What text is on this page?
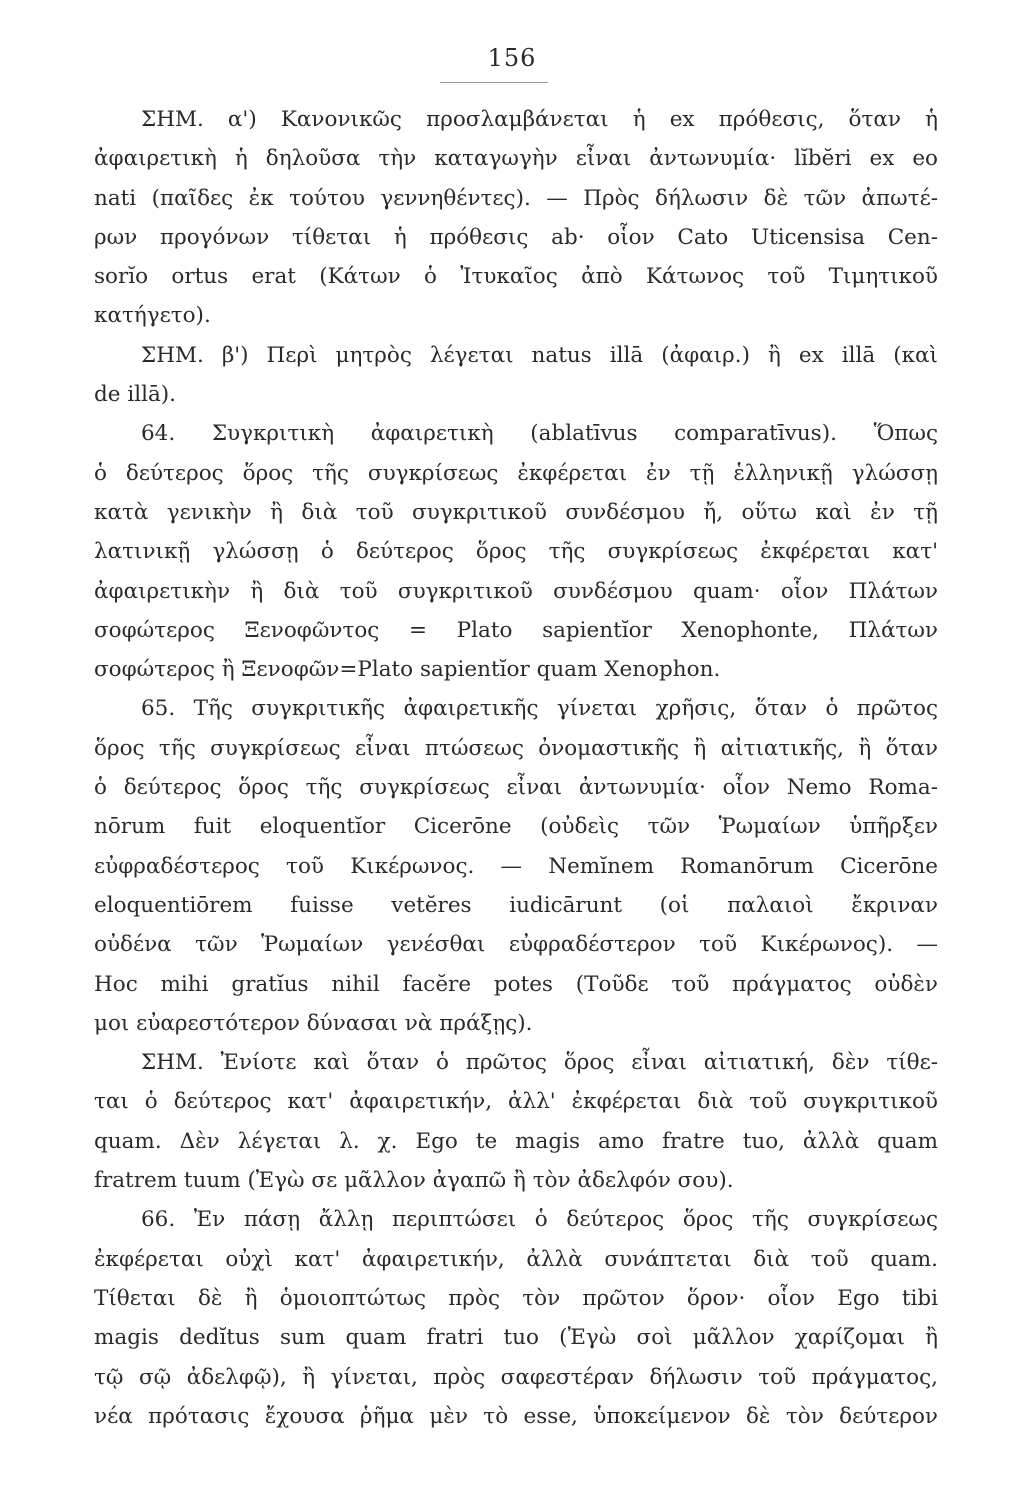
156

ΣΗΜ. α') Κανονικῶς προσλαμβάνεται ἡ ex πρόθεσις, ὅταν ἡ
ἀφαιρετικὴ ἡ δηλοῦσα τὴν καταγωγὴν εἶναι ἀντωνυμία· lĭbĕri ex eo
nati (παῖδες ἐκ τούτου γεννηθέντες). — Πρὸς δήλωσιν δὲ τῶν ἀπωτέ-
ρων προγόνων τίθεται ἡ πρόθεσις ab· οἷον Cato Uticensisa Cen-
sorĭo ortus erat (Κάτων ὁ Ἰτυκαῖος ἀπὸ Κάτωνος τοῦ Τιμητικοῦ
κατήγετο).

ΣΗΜ. β') Περὶ μητρὸς λέγεται natus illā (ἀφαιρ.) ἢ ex illā (καὶ
de illā).

64. Συγκριτικὴ ἀφαιρετικὴ (ablatīvus comparatīvus). Ὅπως
ὁ δεύτερος ὅρος τῆς συγκρίσεως ἐκφέρεται ἐν τῇ ἑλληνικῇ γλώσσῃ
κατὰ γενικὴν ἢ διὰ τοῦ συγκριτικοῦ συνδέσμου ἤ, οὕτω καὶ ἐν τῇ
λατινικῇ γλώσσῃ ὁ δεύτερος ὅρος τῆς συγκρίσεως ἐκφέρεται κατ'
ἀφαιρετικὴν ἢ διὰ τοῦ συγκριτικοῦ συνδέσμου quam· οἷον Πλάτων
σοφώτερος Ξενοφῶντος = Plato sapientĭor Xenophonte, Πλάτων
σοφώτερος ἢ Ξενοφῶν=Plato sapientĭor quam Xenophon.

65. Τῆς συγκριτικῆς ἀφαιρετικῆς γίνεται χρῆσις, ὅταν ὁ πρῶτος
ὅρος τῆς συγκρίσεως εἶναι πτώσεως ὀνομαστικῆς ἢ αἰτιατικῆς, ἢ ὅταν
ὁ δεύτερος ὅρος τῆς συγκρίσεως εἶναι ἀντωνυμία· οἷον Nemo Roma-
nōrum fuit eloquentĭor Cicerōne (οὐδεὶς τῶν Ῥωμαίων ὑπῆρξεν
εὐφραδέστερος τοῦ Κικέρωνος. — Nemĭnem Romanōrum Cicerōne
eloquentiōrem fuisse vetĕres iudicārunt (οἱ παλαιοὶ ἔκριναν
οὐδένα τῶν Ῥωμαίων γενέσθαι εὐφραδέστερον τοῦ Κικέρωνος). —
Hoc mihi gratĭus nihil facĕre potes (Τοῦδε τοῦ πράγματος οὐδὲν
μοι εὐαρεστότερον δύνασαι νὰ πράξῃς).

ΣΗΜ. Ἐνίοτε καὶ ὅταν ὁ πρῶτος ὅρος εἶναι αἰτιατική, δὲν τίθε-
ται ὁ δεύτερος κατ' ἀφαιρετικήν, ἀλλ' ἐκφέρεται διὰ τοῦ συγκριτικοῦ
quam. Δὲν λέγεται λ. χ. Ego te magis amo fratre tuo, ἀλλὰ quam
fratrem tuum (Ἐγὼ σε μᾶλλον ἀγαπῶ ἢ τὸν ἀδελφόν σου).

66. Ἐν πάσῃ ἄλλῃ περιπτώσει ὁ δεύτερος ὅρος τῆς συγκρίσεως
ἐκφέρεται οὐχὶ κατ' ἀφαιρετικήν, ἀλλὰ συνάπτεται διὰ τοῦ quam.
Τίθεται δὲ ἢ ὁμοιοπτώτως πρὸς τὸν πρῶτον ὅρον· οἷον Ego tibi
magis dedĭtus sum quam fratri tuo (Ἐγὼ σοὶ μᾶλλον χαρίζομαι ἢ
τῷ σῷ ἀδελφῷ), ἢ γίνεται, πρὸς σαφεστέραν δήλωσιν τοῦ πράγματος,
νέα πρότασις ἔχουσα ῥῆμα μὲν τὸ esse, ὑποκείμενον δὲ τὸν δεύτερον
